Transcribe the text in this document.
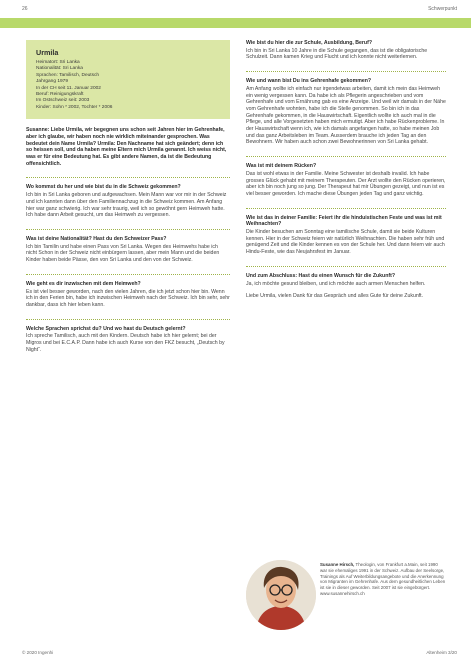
26	Schwerpunkt
Urmila
Heimatort: Sri Lanka
Nationalität: Sri Lanka
Sprachen: Tamilisch, Deutsch
Jahrgang 1979
In der CH seit 11. Januar 2002
Beruf: Reinigungskraft
Im Ostschweiz seit: 2003
Kinder: Sohn * 2002, Tochter * 2006

Susanne: Liebe Urmila, wir begegnen uns schon seit Jahren hier im Gehrenhafe, aber ich glaube, wir haben noch nie wirklich miteinander gesprochen. Was bedeutet dein Name Urmila? Urmila: Den Nachname hat sich geändert; denn ich so heissen soll, und da haben meine Eltern mich Urmila genannt. Ich weiss nicht, was er für eine Bedeutung hat. Es gibt andere Namen, da ist die Bedeutung offensichtlich.

Wo kommst du her und wie bist du in die Schweiz gekommen?

Ich bin in Sri Lanka geboren und aufgewachsen. Mein Mann war vor mir in der Schweiz und ich kannten dann über den Familiennachzug in die Schweiz kommen. Am Anfang hier war ganz schwierig. Ich war sehr traurig, weil ich so gewöhnt gern Heimweh hatte. Ich habe dann Arbeit gesucht, um das Heimweh zu vergessen.

Was ist deine Nationalität? Hast du den Schweizer Pass?

Ich bin Tamilin und habe einen Pass von Sri Lanka. Wegen des Heimwehs habe ich nicht Schon in der Schweiz nicht einbürgern lassen, aber mein Mann und die beiden Kinder haben beide Pässe, den von Sri Lanka und den von der Schweiz.

Wie geht es dir inzwischen mit dem Heimweh?

Es ist viel besser geworden, nach den vielen Jahren, die ich jetzt schon hier bin. Wenn ich in den Ferien bin, habe ich inzwischen Heimweh nach der Schweiz. Ich bin sehr, sehr dankbar, dass ich hier leben kann.

Welche Sprachen sprichst du? Und wo hast du Deutsch gelernt?

Ich spreche Tamilisch, auch mit den Kindern. Deutsch habe ich hier gelernt; bei der Migros und bei E.C.A.P. Dann habe ich auch Kurse von den FKZ besucht, „Deutsch by Night“.

Wie bist du hier die zur Schule, Ausbildung, Beruf?

Ich bin in Sri Lanka 10 Jahre in die Schule gegangen, das ist die obligatorische Schulzeit. Dann kamen Krieg und Flucht und ich konnte nicht weiterlernen.

Wie und wann bist Du ins Gehrenhafe gekommen?

Am Anfang wollte ich einfach nur irgendetwas arbeiten, damit ich mein das Heimweh ein wenig vergessen kann. Da habe ich als Pflegerin angeschrieben und vom Gehrenhafe und vom Ernährung gab es eine Anzeige. Und weil wir damals in der Nähe vom Gehrenhafe wohnten, habe ich die Stelle genommen. So bin ich in das Gehrenhafe gekommen, in die Hauswirtschaft. Eigentlich wollte ich auch mal in die Pflege, und alle Vorgesetzten haben mich ermutigt. Aber ich habe Rückenprobleme. In der Hauswirtschaft wenn ich, wie ich damals angefangen hatte, so habe meinen Job und das ganz Arbeitsleben im Team. Ausserdem brauche ich jeden Tag an den Bewohnern. Wir haben auch schon zwei Bewohnerinnen von Sri Lanka gehabt.

Was ist mit deinem Rücken?

Das ist wohl etwas in der Familie. Meine Schwester ist deshalb invalid. Ich habe grosses Glück gehabt mit meinem Therapeuten. Der Arzt wollte den Rücken operieren, aber ich bin noch jung so jung. Der Therapeut hat mir Übungen gezeigt, und nun ist es viel besser geworden. Ich mache diese Übungen jeden Tag und ganz wichtig.

Wie ist das in deiner Familie: Feiert ihr die hinduistischen Feste und was ist mit Weihnachten?

Die Kinder besuchen am Sonntag eine tamilische Schule, damit sie beide Kulturen kennen. Hier in der Schweiz feiern wir natürlich Weihnachten. Die haben sehr früh und genügend Zeit und die Kinder kennen es von der Schule her. Und dann feiern wir auch Hindu-Feste, wie das Neujahrsfest im Januar.

Und zum Abschluss: Hast du einen Wunsch für die Zukunft?

Ja, ich möchte gesund bleiben, und ich möchte auch armen Menschen helfen.

Liebe Urmila, vielen Dank für das Gespräch und alles Gute für deine Zukunft.

Susanne Hirsch, Theologin, von Frankfurt a.Main, seit 1990 war sie ehemaliges 1991 in der Schweiz. Aufbau der Seelsorge, Trainings als Auf Weiterbildungsangebote und die Anerkennung von Migranten im Gehrenhafe. Aus dem gesundheitlichen Leben ist sie in dieser geworden. Seit 2007 ist sie eingebürgert. www.susannehirsch.ch
© 2020 Ingenhi	Altenheim 3/20
